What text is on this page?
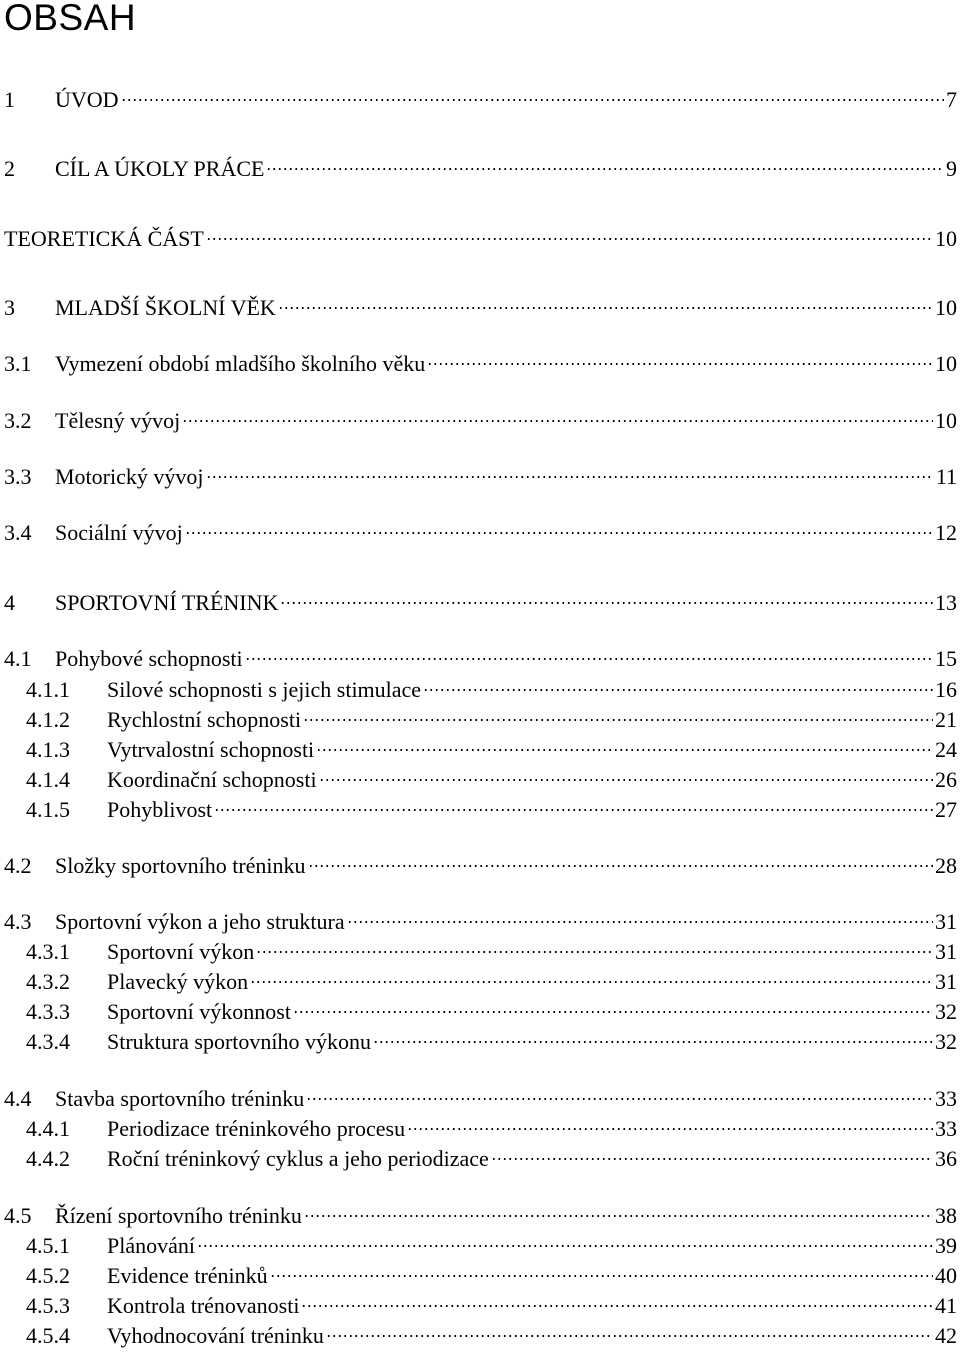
OBSAH
1	ÚVOD	7
2	CÍL A ÚKOLY PRÁCE	9
TEORETICKÁ ČÁST	10
3	MLADŠÍ ŠKOLNÍ VĚK	10
3.1	Vymezení období mladšího školního věku	10
3.2	Tělesný vývoj	10
3.3	Motorický vývoj	11
3.4	Sociální vývoj	12
4	SPORTOVNÍ TRÉNINK	13
4.1	Pohybové schopnosti	15
4.1.1	Silové schopnosti s jejich stimulace	16
4.1.2	Rychlostní schopnosti	21
4.1.3	Vytrvalostní schopnosti	24
4.1.4	Koordinační schopnosti	26
4.1.5	Pohyblivost	27
4.2	Složky sportovního tréninku	28
4.3	Sportovní výkon a jeho struktura	31
4.3.1	Sportovní výkon	31
4.3.2	Plavecký výkon	31
4.3.3	Sportovní výkonnost	32
4.3.4	Struktura sportovního výkonu	32
4.4	Stavba sportovního tréninku	33
4.4.1	Periodizace tréninkového procesu	33
4.4.2	Roční tréninkový cyklus a jeho periodizace	36
4.5	Řízení sportovního tréninku	38
4.5.1	Plánování	39
4.5.2	Evidence tréninků	40
4.5.3	Kontrola trénovanosti	41
4.5.4	Vyhodnocování tréninku	42
